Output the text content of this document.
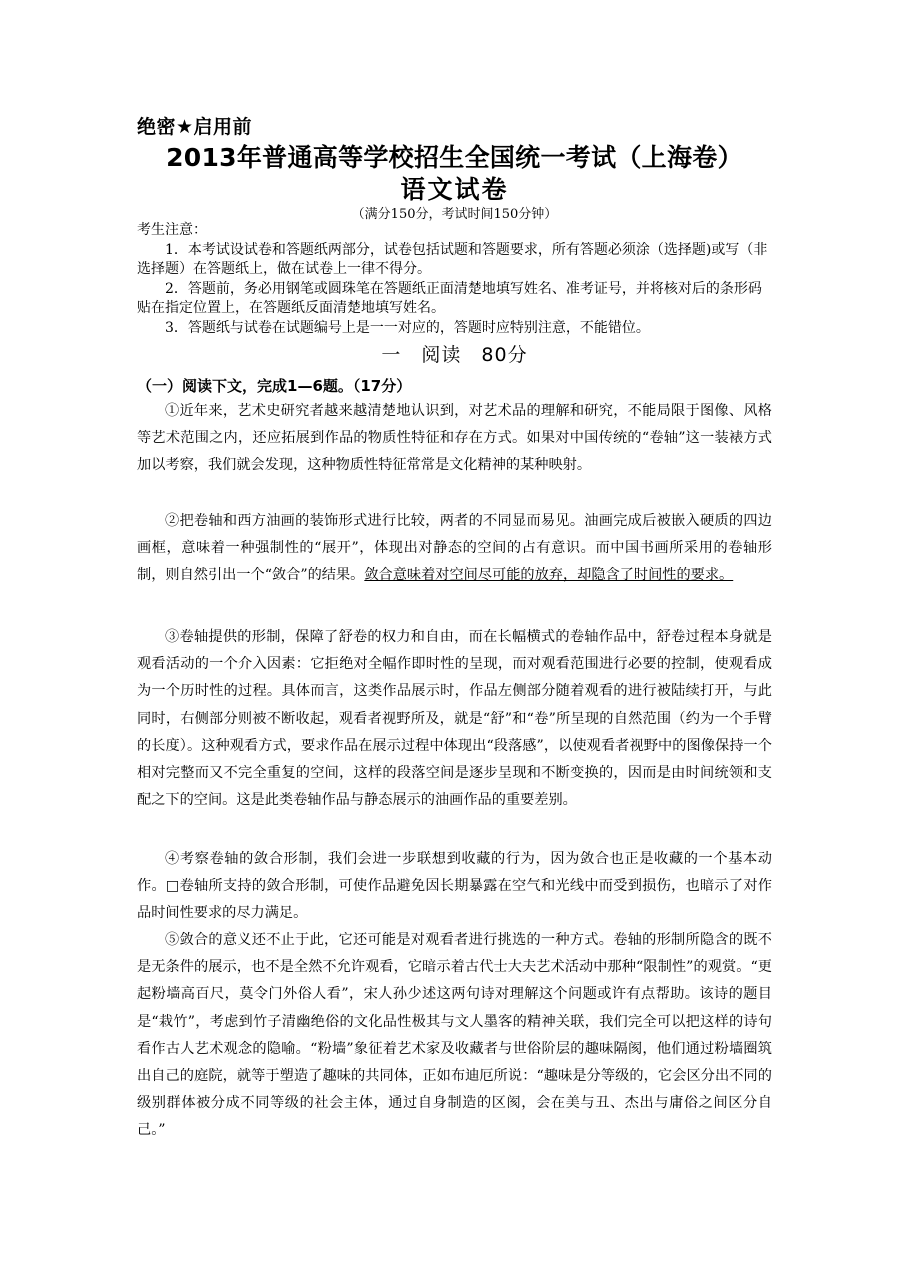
绝密★启用前
2013年普通高等学校招生全国统一考试（上海卷）
语文试卷
（满分150分，考试时间150分钟）

考生注意：

1．本考试设试卷和答题纸两部分，试卷包括试题和答题要求，所有答题必须涂（选择题)或写（非选择题）在答题纸上，做在试卷上一律不得分。

2．答题前，务必用钢笔或圆珠笔在答题纸正面清楚地填写姓名、准考证号，并将核对后的条形码贴在指定位置上，在答题纸反面清楚地填写姓名。

3．答题纸与试卷在试题编号上是一一对应的，答题时应特别注意，不能错位。

一　阅读　80分
（一）阅读下文，完成1—6题。（17分）

①近年来，艺术史研究者越来越清楚地认识到，对艺术品的理解和研究，不能局限于图像、风格等艺术范围之内，还应拓展到作品的物质性特征和存在方式。如果对中国传统的“卷轴”这一装裱方式加以考察，我们就会发现，这种物质性特征常常是文化精神的某种映射。

②把卷轴和西方油画的装饰形式进行比较，两者的不同显而易见。油画完成后被嵌入硬质的四边画框，意味着一种强制性的“展开”，体现出对静态的空间的占有意识。而中国书画所采用的卷轴形制，则自然引出一个“敛合”的结果。敛合意味着对空间尽可能的放弃，却隐含了时间性的要求。

③卷轴提供的形制，保障了舒卷的权力和自由，而在长幅横式的卷轴作品中，舒卷过程本身就是观看活动的一个介入因素：它拒绝对全幅作即时性的呈现，而对观看范围进行必要的控制，使观看成为一个历时性的过程。具体而言，这类作品展示时，作品左侧部分随着观看的进行被陆续打开，与此同时，右侧部分则被不断收起，观看者视野所及，就是“舒”和“卷”所呈现的自然范围（约为一个手臂的长度）。这种观看方式，要求作品在展示过程中体现出“段落感”，以使观看者视野中的图像保持一个相对完整而又不完全重复的空间，这样的段落空间是逐步呈现和不断变换的，因而是由时间统领和支配之下的空间。这是此类卷轴作品与静态展示的油画作品的重要差别。

④考察卷轴的敛合形制，我们会进一步联想到收藏的行为，因为敛合也正是收藏的一个基本动作。□卷轴所支持的敛合形制，可使作品避免因长期暴露在空气和光线中而受到损伤，也暗示了对作品时间性要求的尽力满足。

⑤敛合的意义还不止于此，它还可能是对观看者进行挑选的一种方式。卷轴的形制所隐含的既不是无条件的展示，也不是全然不允许观看，它暗示着古代士大夫艺术活动中那种“限制性”的观赏。“更起粉墙高百尺，莫令门外俗人看”，宋人孙少述这两句诗对理解这个问题或许有点帮助。该诗的题目是“栽竹”，考虑到竹子清幽绝俗的文化品性极其与文人墨客的精神关联，我们完全可以把这样的诗句看作古人艺术观念的隐喻。“粉墙”象征着艺术家及收藏者与世俗阶层的趣味隔阂，他们通过粉墙圈筑出自己的庭院，就等于塑造了趣味的共同体，正如布迪厄所说：“趣味是分等级的，它会区分出不同的级别群体被分成不同等级的社会主体，通过自身制造的区阂，会在美与丑、杰出与庸俗之间区分自己。”
